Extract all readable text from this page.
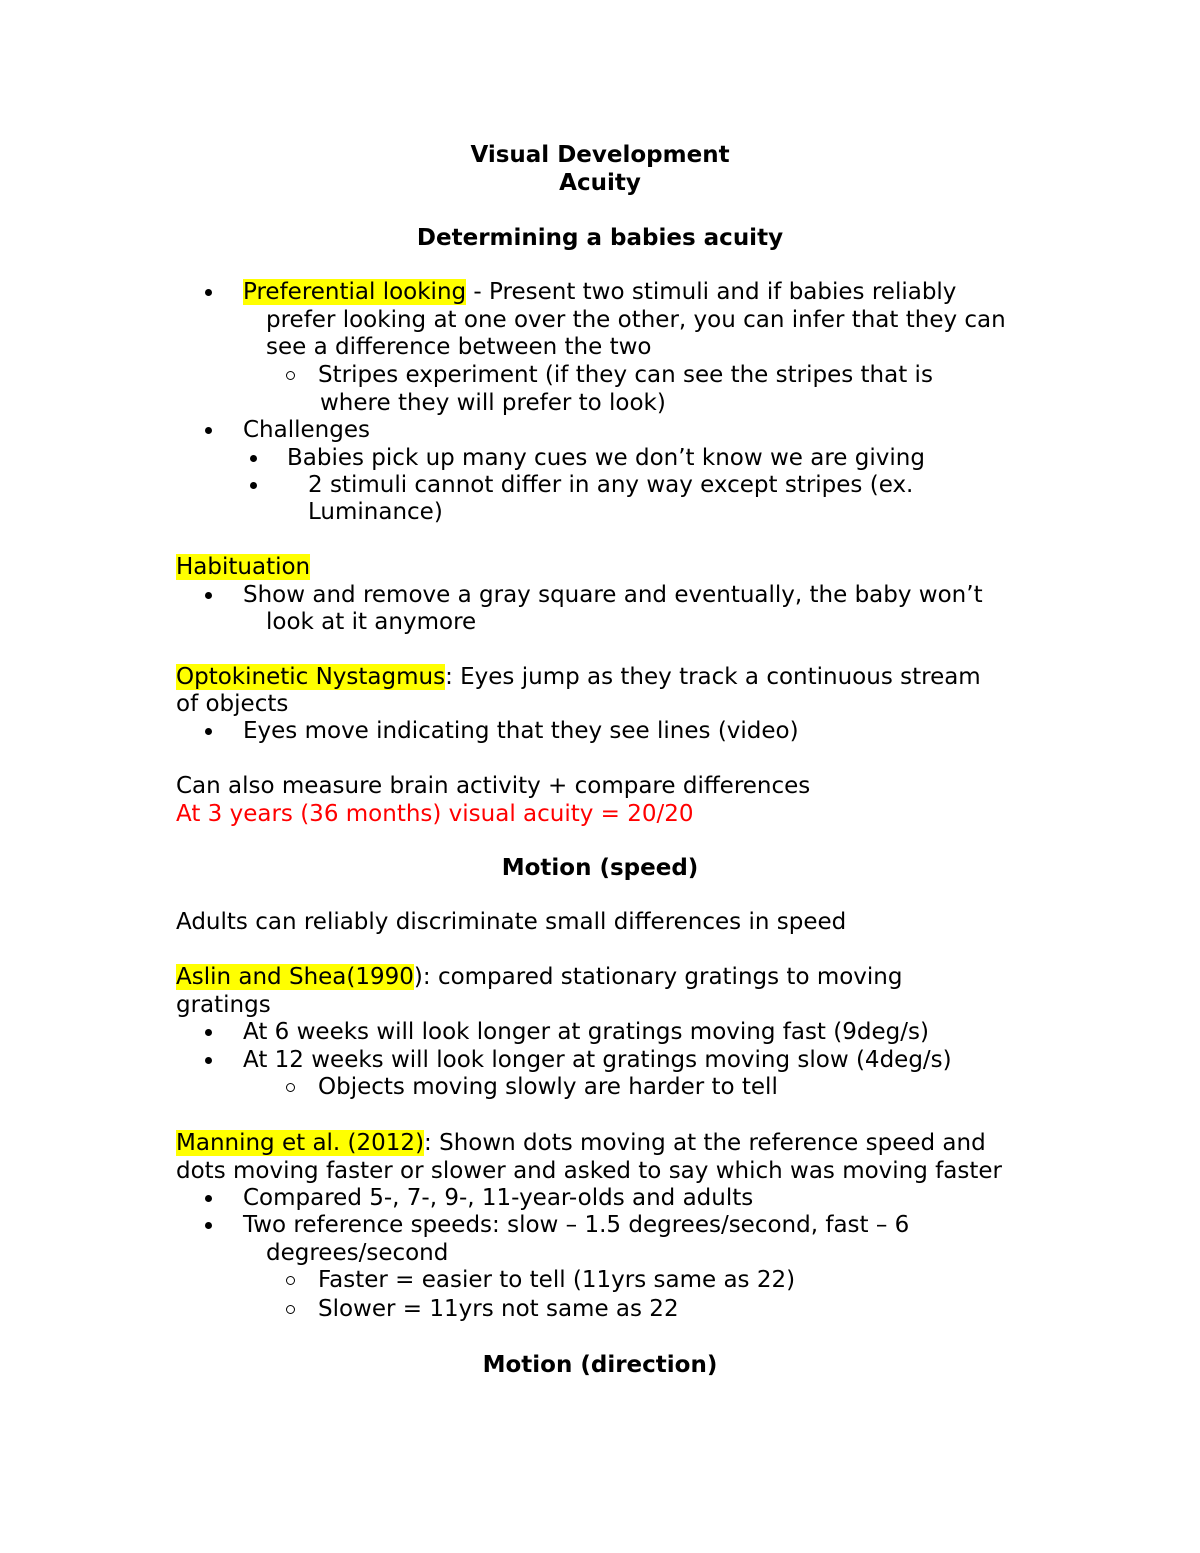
Visual Development
Acuity
Determining a babies acuity
Preferential looking - Present two stimuli and if babies reliably
prefer looking at one over the other, you can infer that they can
see a difference between the two
Stripes experiment (if they can see the stripes that is
where they will prefer to look)
Challenges
Babies pick up many cues we don’t know we are giving
2 stimuli cannot differ in any way except stripes (ex.
Luminance)
Habituation
Show and remove a gray square and eventually, the baby won’t
look at it anymore
Optokinetic Nystagmus: Eyes jump as they track a continuous stream
of objects
Eyes move indicating that they see lines (video)
Can also measure brain activity + compare differences
At 3 years (36 months) visual acuity = 20/20
Motion (speed)
Adults can reliably discriminate small differences in speed
Aslin and Shea(1990): compared stationary gratings to moving
gratings
At 6 weeks will look longer at gratings moving fast (9deg/s)
At 12 weeks will look longer at gratings moving slow (4deg/s)
Objects moving slowly are harder to tell
Manning et al. (2012): Shown dots moving at the reference speed and
dots moving faster or slower and asked to say which was moving faster
Compared 5-, 7-, 9-, 11-year-olds and adults
Two reference speeds: slow – 1.5 degrees/second, fast – 6
degrees/second
Faster = easier to tell (11yrs same as 22)
Slower = 11yrs not same as 22
Motion (direction)
